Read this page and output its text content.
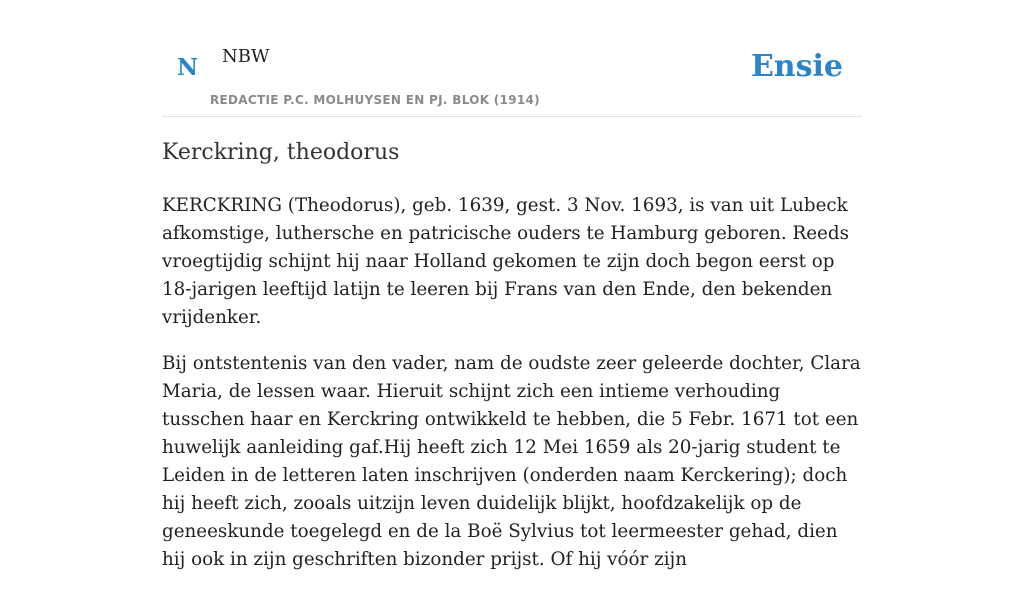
N NBW
REDACTIE P.C. MOLHUYSEN EN PJ. BLOK (1914)
Ensie
Kerckring, theodorus

KERCKRING (Theodorus), geb. 1639, gest. 3 Nov. 1693, is van uit Lubeck afkomstige, luthersche en patricische ouders te Hamburg geboren. Reeds vroegtijdig schijnt hij naar Holland gekomen te zijn doch begon eerst op 18-jarigen leeftijd latijn te leeren bij Frans van den Ende, den bekenden vrijdenker.

Bij ontstentenis van den vader, nam de oudste zeer geleerde dochter, Clara Maria, de lessen waar. Hieruit schijnt zich een intieme verhouding tusschen haar en Kerckring ontwikkeld te hebben, die 5 Febr. 1671 tot een huwelijk aanleiding gaf.Hij heeft zich 12 Mei 1659 als 20-jarig student te Leiden in de letteren laten inschrijven (onderden naam Kerckering); doch hij heeft zich, zooals uitzijn leven duidelijk blijkt, hoofdzakelijk op de geneeskunde toegelegd en de la Boë Sylvius tot leermeester gehad, dien hij ook in zijn geschriften bizonder prijst. Of hij vóór zijn
